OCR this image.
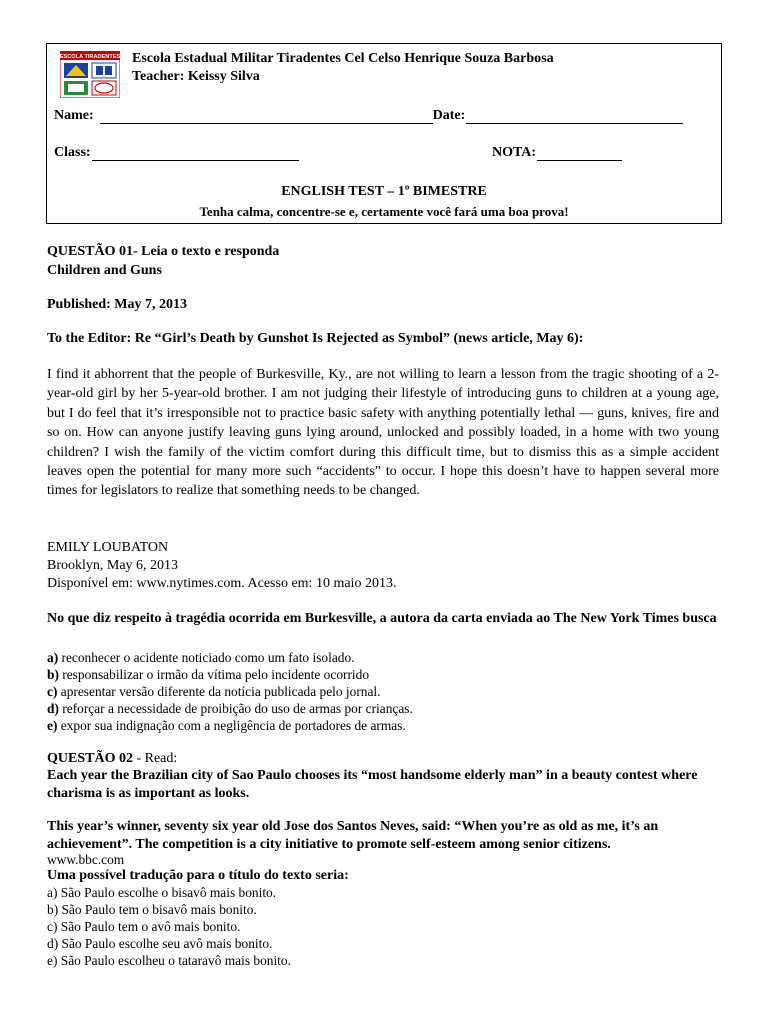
ESCOLA TIRADENTES Escola Estadual Militar Tiradentes Cel Celso Henrique Souza Barbosa
Teacher: Keissy Silva
Name:	Date:
Class:	NOTA:
ENGLISH TEST – 1º BIMESTRE
Tenha calma, concentre-se e, certamente você fará uma boa prova!
QUESTÃO 01- Leia o texto e responda
Children and Guns
Published: May 7, 2013
To the Editor: Re “Girl’s Death by Gunshot Is Rejected as Symbol” (news article, May 6):
I find it abhorrent that the people of Burkesville, Ky., are not willing to learn a lesson from the tragic shooting of a 2-year-old girl by her 5-year-old brother. I am not judging their lifestyle of introducing guns to children at a young age, but I do feel that it’s irresponsible not to practice basic safety with anything potentially lethal — guns, knives, fire and so on. How can anyone justify leaving guns lying around, unlocked and possibly loaded, in a home with two young children? I wish the family of the victim comfort during this difficult time, but to dismiss this as a simple accident leaves open the potential for many more such “accidents” to occur. I hope this doesn’t have to happen several more times for legislators to realize that something needs to be changed.
EMILY LOUBATON
Brooklyn, May 6, 2013
Disponível em: www.nytimes.com. Acesso em: 10 maio 2013.
No que diz respeito à tragédia ocorrida em Burkesville, a autora da carta enviada ao The New York Times busca
a) reconhecer o acidente noticiado como um fato isolado.
b) responsabilizar o irmão da vítima pelo incidente ocorrido
c) apresentar versão diferente da notícia publicada pelo jornal.
d) reforçar a necessidade de proibição do uso de armas por crianças.
e) expor sua indignação com a negligência de portadores de armas.
QUESTÃO 02 - Read:
Each year the Brazilian city of Sao Paulo chooses its “most handsome elderly man” in a beauty contest where charisma is as important as looks.
This year’s winner, seventy six year old Jose dos Santos Neves, said: “When you’re as old as me, it’s an achievement”. The competition is a city initiative to promote self-esteem among senior citizens.
www.bbc.com
Uma possível tradução para o título do texto seria:
a) São Paulo escolhe o bisavô mais bonito.
b) São Paulo tem o bisavô mais bonito.
c) São Paulo tem o avô mais bonito.
d) São Paulo escolhe seu avô mais bonito.
e) São Paulo escolheu o tataravô mais bonito.
